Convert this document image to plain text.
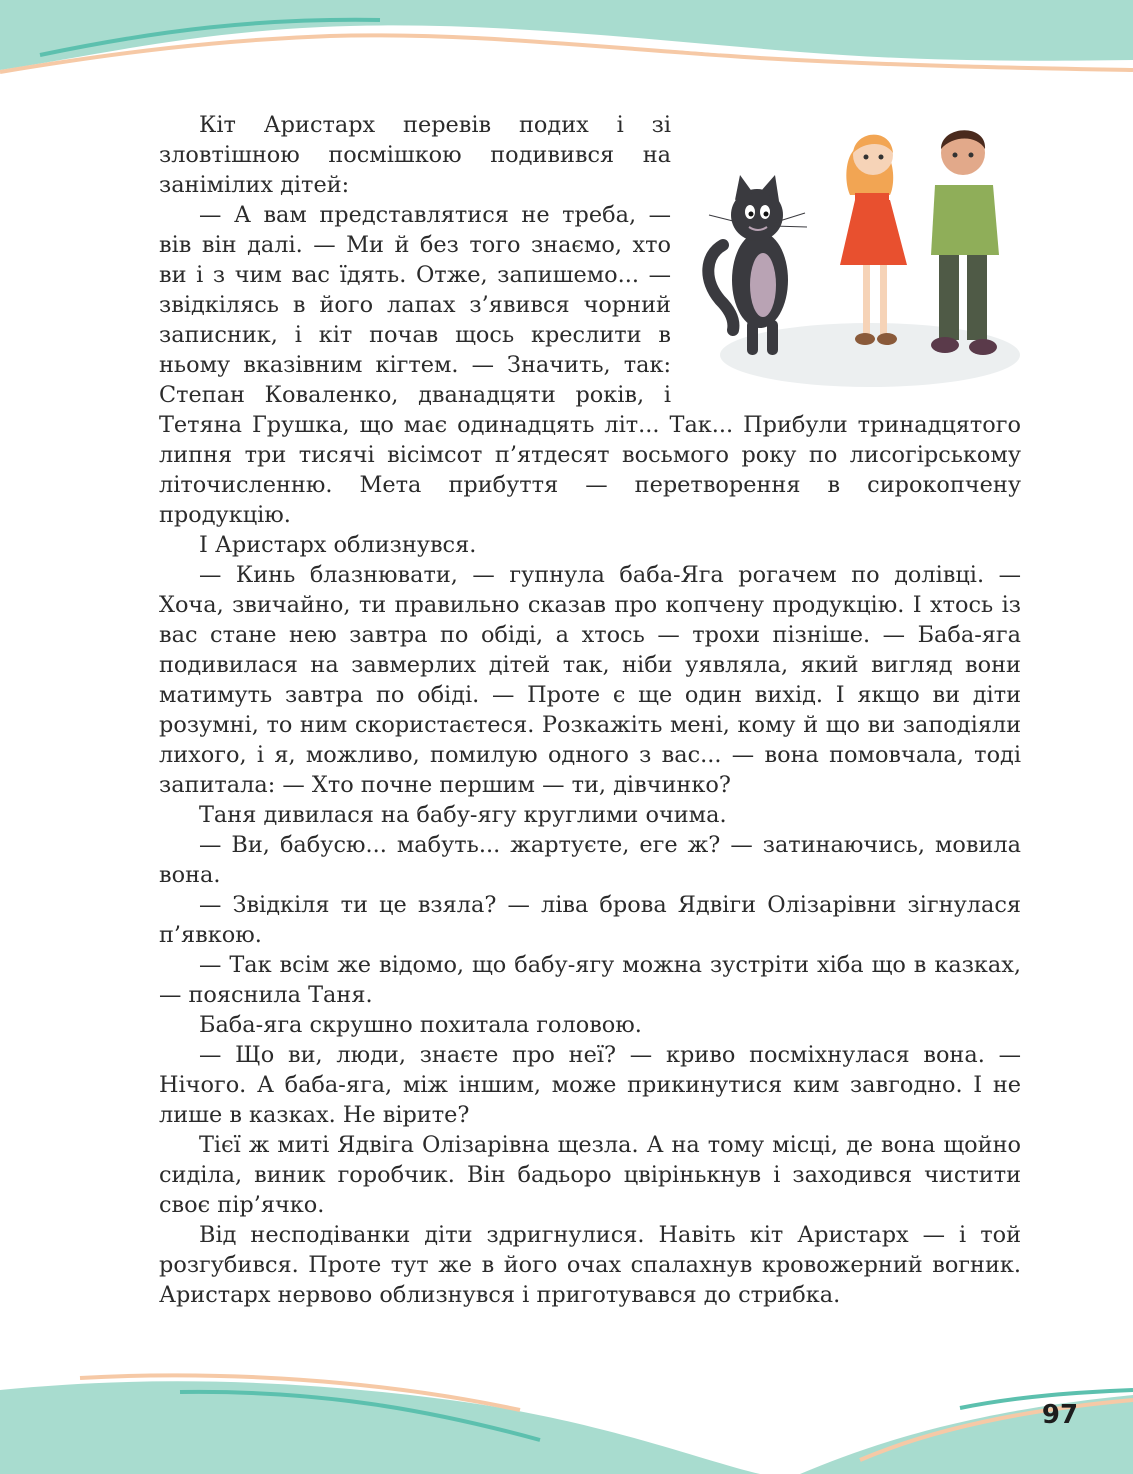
Кіт Аристарх перевів подих і зі зловтішною посмішкою подивився на занімілих дітей:

— А вам представлятися не треба, — вів він далі. — Ми й без того знаємо, хто ви і з чим вас їдять. Отже, запишемо... — звідкілясь в його лапах з’явився чорний записник, і кіт почав щось креслити в ньому вказівним кігтем. — Значить, так: Степан Коваленко, дванадцяти років, і Тетяна Грушка, що має одинадцять літ... Так... Прибули тринадцятого липня три тисячі вісімсот п’ятдесят восьмого року по лисогірському літочисленню. Мета прибуття — перетворення в сирокопчену продукцію.

І Аристарх облизнувся.

— Кинь блазнювати, — гупнула баба-Яга рогачем по долівці. — Хоча, звичайно, ти правильно сказав про копчену продукцію. І хтось із вас стане нею завтра по обіді, а хтось — трохи пізніше. — Баба-яга подивилася на завмерлих дітей так, ніби уявляла, який вигляд вони матимуть завтра по обіді. — Проте є ще один вихід. І якщо ви діти розумні, то ним скористаєтеся. Розкажіть мені, кому й що ви заподіяли лихого, і я, можливо, помилую одного з вас... — вона помовчала, тоді запитала: — Хто почне першим — ти, дівчинко?

Таня дивилася на бабу-ягу круглими очима.

— Ви, бабусю... мабуть... жартуєте, еге ж? — затинаючись, мовила вона.

— Звідкіля ти це взяла? — ліва брова Ядвіги Олізарівни зігнулася п’явкою.

— Так всім же відомо, що бабу-ягу можна зустріти хіба що в казках, — пояснила Таня.

Баба-яга скрушно похитала головою.

— Що ви, люди, знаєте про неї? — криво посміхнулася вона. — Нічого. А баба-яга, між іншим, може прикинутися ким завгодно. І не лише в казках. Не вірите?

Тієї ж миті Ядвіга Олізарівна щезла. А на тому місці, де вона щойно сиділа, виник горобчик. Він бадьоро цвірінькнув і заходився чистити своє пір’ячко.

Від несподіванки діти здригнулися. Навіть кіт Аристарх — і той розгубився. Проте тут же в його очах спалахнув кровожерний вогник. Аристарх нервово облизнувся і приготувався до стрибка.

97
